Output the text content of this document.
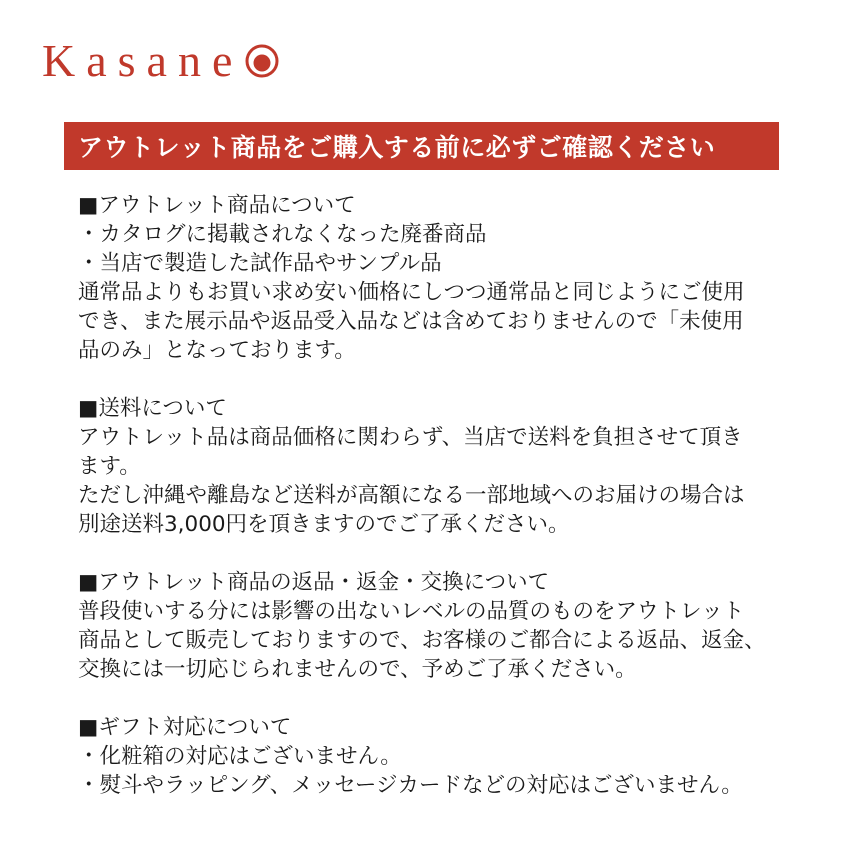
Kasane
アウトレット商品をご購入する前に必ずご確認ください
■アウトレット商品について
・カタログに掲載されなくなった廃番商品
・当店で製造した試作品やサンプル品
通常品よりもお買い求め安い価格にしつつ通常品と同じようにご使用
でき、また展示品や返品受入品などは含めておりませんので「未使用
品のみ」となっております。
■送料について
アウトレット品は商品価格に関わらず、当店で送料を負担させて頂き
ます。
ただし沖縄や離島など送料が高額になる一部地域へのお届けの場合は
別途送料3,000円を頂きますのでご了承ください。
■アウトレット商品の返品・返金・交換について
普段使いする分には影響の出ないレベルの品質のものをアウトレット
商品として販売しておりますので、お客様のご都合による返品、返金、
交換には一切応じられませんので、予めご了承ください。
■ギフト対応について
・化粧箱の対応はございません。
・熨斗やラッピング、メッセージカードなどの対応はございません。
